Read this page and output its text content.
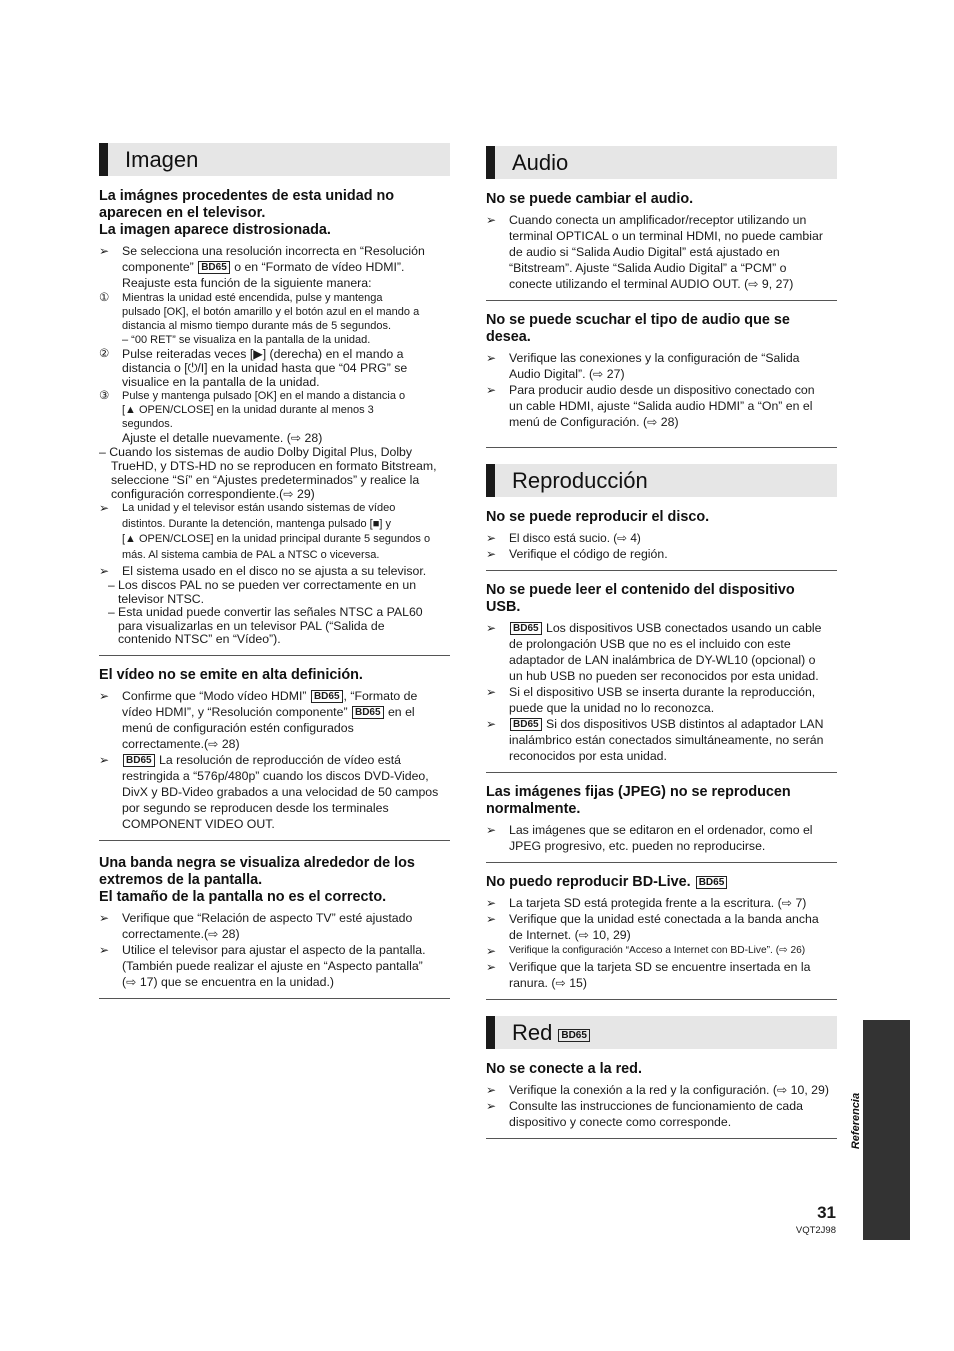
Imagen
La imágnes procedentes de esta unidad no
aparecen en el televisor.
La imagen aparece distrosionada.
➢ Se selecciona una resolución incorrecta en “Resolución
componente” BD65 o en “Formato de vídeo HDMI”.
Reajuste esta función de la siguiente manera:
① Mientras la unidad esté encendida, pulse y mantenga
pulsado [OK], el botón amarillo y el botón azul en el mando a
distancia al mismo tiempo durante más de 5 segundos.
– “00 RET” se visualiza en la pantalla de la unidad.
② Pulse reiteradas veces [▶] (derecha) en el mando a
distancia o [⏻/I] en la unidad hasta que “04 PRG” se
visualice en la pantalla de la unidad.
③ Pulse y mantenga pulsado [OK] en el mando a distancia o
[▲ OPEN/CLOSE] en la unidad durante al menos 3
segundos.
Ajuste el detalle nuevamente. (⇨ 28)
– Cuando los sistemas de audio Dolby Digital Plus, Dolby
TrueHD, y DTS-HD no se reproducen en formato Bitstream,
seleccione “Sí” en “Ajustes predeterminados” y realice la
configuración correspondiente.(⇨ 29)
➢ La unidad y el televisor están usando sistemas de vídeo
distintos. Durante la detención, mantenga pulsado [■] y
[▲ OPEN/CLOSE] en la unidad principal durante 5 segundos o
más. Al sistema cambia de PAL a NTSC o viceversa.
➢ El sistema usado en el disco no se ajusta a su televisor.
– Los discos PAL no se pueden ver correctamente en un
televisor NTSC.
– Esta unidad puede convertir las señales NTSC a PAL60
para visualizarlas en un televisor PAL (“Salida de
contenido NTSC” en “Vídeo”).
El vídeo no se emite en alta definición.
➢ Confirme que “Modo vídeo HDMI” BD65 , “Formato de
vídeo HDMI”, y “Resolución componente” BD65 en el
menú de configuración estén configurados
correctamente.(⇨ 28)
➢	BD65 La resolución de reproducción de vídeo está
restringida a “576p/480p” cuando los discos DVD-Video,
DivX y BD-Video grabados a una velocidad de 50 campos
por segundo se reproducen desde los terminales
COMPONENT VIDEO OUT.
Una banda negra se visualiza alrededor de los
extremos de la pantalla.
El tamaño de la pantalla no es el correcto.
➢ Verifique que “Relación de aspecto TV” esté ajustado
correctamente.(⇨ 28)
➢ Utilice el televisor para ajustar el aspecto de la pantalla.
(También puede realizar el ajuste en “Aspecto pantalla”
(⇨ 17) que se encuentra en la unidad.)
Audio
No se puede cambiar el audio.
➢ Cuando conecta un amplificador/receptor utilizando un
terminal OPTICAL o un terminal HDMI, no puede cambiar
de audio si “Salida Audio Digital” está ajustado en
“Bitstream”. Ajuste “Salida Audio Digital” a “PCM” o
conecte utilizando el terminal AUDIO OUT. (⇨ 9, 27)
No se puede scuchar el tipo de audio que se
desea.
➢ Verifique las conexiones y la configuración de “Salida
Audio Digital”. (⇨ 27)
➢ Para producir audio desde un dispositivo conectado con
un cable HDMI, ajuste “Salida audio HDMI” a “On” en el
menú de Configuración. (⇨ 28)
Reproducción
No se puede reproducir el disco.
➢ El disco está sucio. (⇨ 4)
➢ Verifique el código de región.
No se puede leer el contenido del dispositivo
USB.
➢	BD65 Los dispositivos USB conectados usando un cable
de prolongación USB que no es el incluido con este
adaptador de LAN inalámbrica de DY-WL10 (opcional) o
un hub USB no pueden ser reconocidos por esta unidad.
➢ Si el dispositivo USB se inserta durante la reproducción,
puede que la unidad no lo reconozca.
➢	BD65 Si dos dispositivos USB distintos al adaptador LAN
inalámbrico están conectados simultáneamente, no serán
reconocidos por esta unidad.
Las imágenes fijas (JPEG) no se reproducen
normalmente.
➢ Las imágenes que se editaron en el ordenador, como el
JPEG progresivo, etc. pueden no reproducirse.
No puedo reproducir BD-Live. BD65
➢ La tarjeta SD está protegida frente a la escritura. (⇨ 7)
➢ Verifique que la unidad esté conectada a la banda ancha
de Internet. (⇨ 10, 29)
➢ Verifique la configuración “Acceso a Internet con BD-Live”. (⇨ 26)
➢ Verifique que la tarjeta SD se encuentre insertada en la
ranura. (⇨ 15)
Red BD65
No se conecte a la red.
➢ Verifique la conexión a la red y la configuración. (⇨ 10, 29)
➢ Consulte las instrucciones de funcionamiento de cada
dispositivo y conecte como corresponde.	Referencia
31
VQT2J98
